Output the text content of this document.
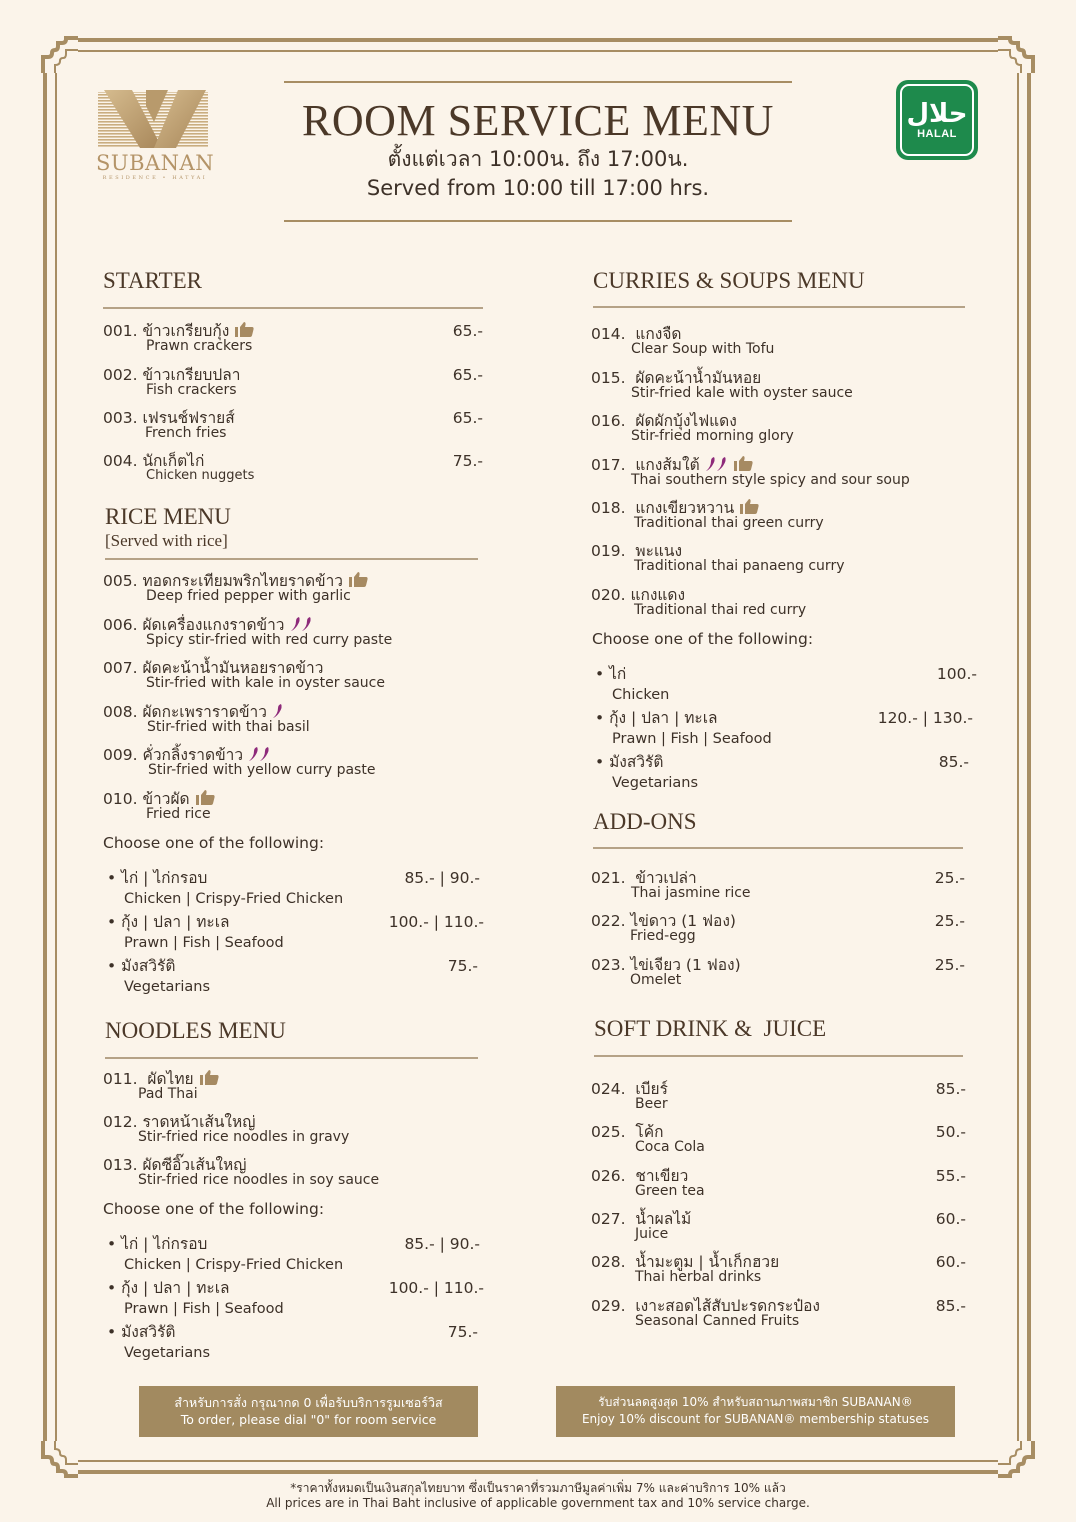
SUBANAN
RESIDENCE • HATYAI
ROOM SERVICE MENU
ตั้งแต่เวลา 10:00น. ถึง 17:00น.
Served from 10:00 till 17:00 hrs.
حلال
HALAL
STARTER
001. ข้าวเกรียบกุ้ง
Prawn crackers
65.-
002. ข้าวเกรียบปลา
Fish crackers
65.-
003. เฟรนช์ฟรายส์
French fries
65.-
004. นักเก็ตไก่
Chicken nuggets
75.-
RICE MENU
[Served with rice]
005. ทอดกระเทียมพริกไทยราดข้าว
Deep fried pepper with garlic
006. ผัดเครื่องแกงราดข้าว
Spicy stir-fried with red curry paste
007. ผัดคะน้าน้ำมันหอยราดข้าว
Stir-fried with kale in oyster sauce
008. ผัดกะเพราราดข้าว
Stir-fried with thai basil
009. คั่วกลิ้งราดข้าว
Stir-fried with yellow curry paste
010. ข้าวผัด
Fried rice
Choose one of the following:
• ไก่ | ไก่กรอบ
Chicken | Crispy-Fried Chicken
85.- | 90.-
• กุ้ง | ปลา | ทะเล
Prawn | Fish | Seafood
100.- | 110.-
• มังสวิรัติ
Vegetarians
75.-
NOODLES MENU
011. ผัดไทย
Pad Thai
012. ราดหน้าเส้นใหญ่
Stir-fried rice noodles in gravy
013. ผัดซีอิ๊วเส้นใหญ่
Stir-fried rice noodles in soy sauce
Choose one of the following:
• ไก่ | ไก่กรอบ
Chicken | Crispy-Fried Chicken
85.- | 90.-
• กุ้ง | ปลา | ทะเล
Prawn | Fish | Seafood
100.- | 110.-
• มังสวิรัติ
Vegetarians
75.-
CURRIES & SOUPS MENU
014. แกงจืด
Clear Soup with Tofu
015. ผัดคะน้าน้ำมันหอย
Stir-fried kale with oyster sauce
016. ผัดผักบุ้งไฟแดง
Stir-fried morning glory
017. แกงส้มใต้
Thai southern style spicy and sour soup
018. แกงเขียวหวาน
Traditional thai green curry
019. พะแนง
Traditional thai panaeng curry
020. แกงแดง
Traditional thai red curry
Choose one of the following:
• ไก่
Chicken
100.-
• กุ้ง | ปลา | ทะเล
Prawn | Fish | Seafood
120.- | 130.-
• มังสวิรัติ
Vegetarians
85.-
ADD-ONS
021. ข้าวเปล่า
Thai jasmine rice
25.-
022. ไข่ดาว (1 ฟอง)
Fried-egg
25.-
023. ไข่เจียว (1 ฟอง)
Omelet
25.-
SOFT DRINK &  JUICE
024. เบียร์
Beer
85.-
025. โค้ก
Coca Cola
50.-
026. ชาเขียว
Green tea
55.-
027. น้ำผลไม้
Juice
60.-
028. น้ำมะตูม | น้ำเก็กฮวย
Thai herbal drinks
60.-
029. เงาะสอดไส้สับปะรดกระป๋อง
Seasonal Canned Fruits
85.-
สำหรับการสั่ง กรุณากด 0 เพื่อรับบริการรูมเซอร์วิส
To order, please dial "0" for room service
รับส่วนลดสูงสุด 10% สำหรับสถานภาพสมาชิก SUBANAN®
Enjoy 10% discount for SUBANAN® membership statuses
*ราคาทั้งหมดเป็นเงินสกุลไทยบาท ซึ่งเป็นราคาที่รวมภาษีมูลค่าเพิ่ม 7% และค่าบริการ 10% แล้ว
All prices are in Thai Baht inclusive of applicable government tax and 10% service charge.
